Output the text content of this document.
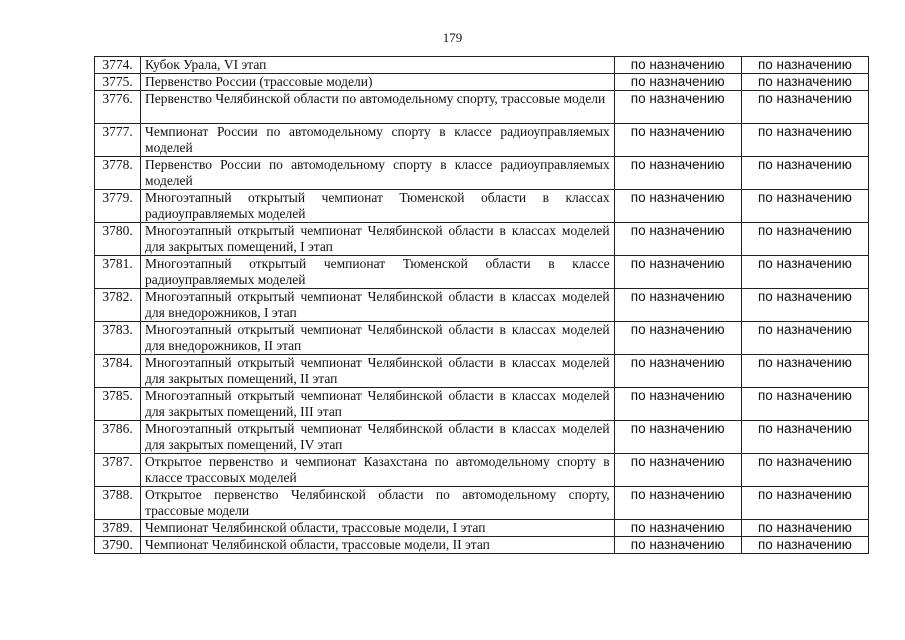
179
3774.	Кубок Урала, VI этап	по назначению	по назначению
3775.	Первенство России (трассовые модели)	по назначению	по назначению
3776.	Первенство Челябинской области по автомодельному спорту, трассовые модели	по назначению	по назначению
3777.	Чемпионат России по автомодельному спорту в классе радиоуправляемых моделей	по назначению	по назначению
3778.	Первенство России по автомодельному спорту в классе радиоуправляемых моделей	по назначению	по назначению
3779.	Многоэтапный открытый чемпионат Тюменской области в классах радиоуправляемых моделей	по назначению	по назначению
3780.	Многоэтапный открытый чемпионат Челябинской области в классах моделей для закрытых помещений, I этап	по назначению	по назначению
3781.	Многоэтапный открытый чемпионат Тюменской области в классе радиоуправляемых моделей	по назначению	по назначению
3782.	Многоэтапный открытый чемпионат Челябинской области в классах моделей для внедорожников, I этап	по назначению	по назначению
3783.	Многоэтапный открытый чемпионат Челябинской области в классах моделей для внедорожников, II этап	по назначению	по назначению
3784.	Многоэтапный открытый чемпионат Челябинской области в классах моделей для закрытых помещений, II этап	по назначению	по назначению
3785.	Многоэтапный открытый чемпионат Челябинской области в классах моделей для закрытых помещений, III этап	по назначению	по назначению
3786.	Многоэтапный открытый чемпионат Челябинской области в классах моделей для закрытых помещений, IV этап	по назначению	по назначению
3787.	Открытое первенство и чемпионат Казахстана по автомодельному спорту в классе трассовых моделей	по назначению	по назначению
3788.	Открытое первенство Челябинской области по автомодельному спорту, трассовые модели	по назначению	по назначению
3789.	Чемпионат Челябинской области, трассовые модели, I этап	по назначению	по назначению
3790.	Чемпионат Челябинской области, трассовые модели, II этап	по назначению	по назначению
